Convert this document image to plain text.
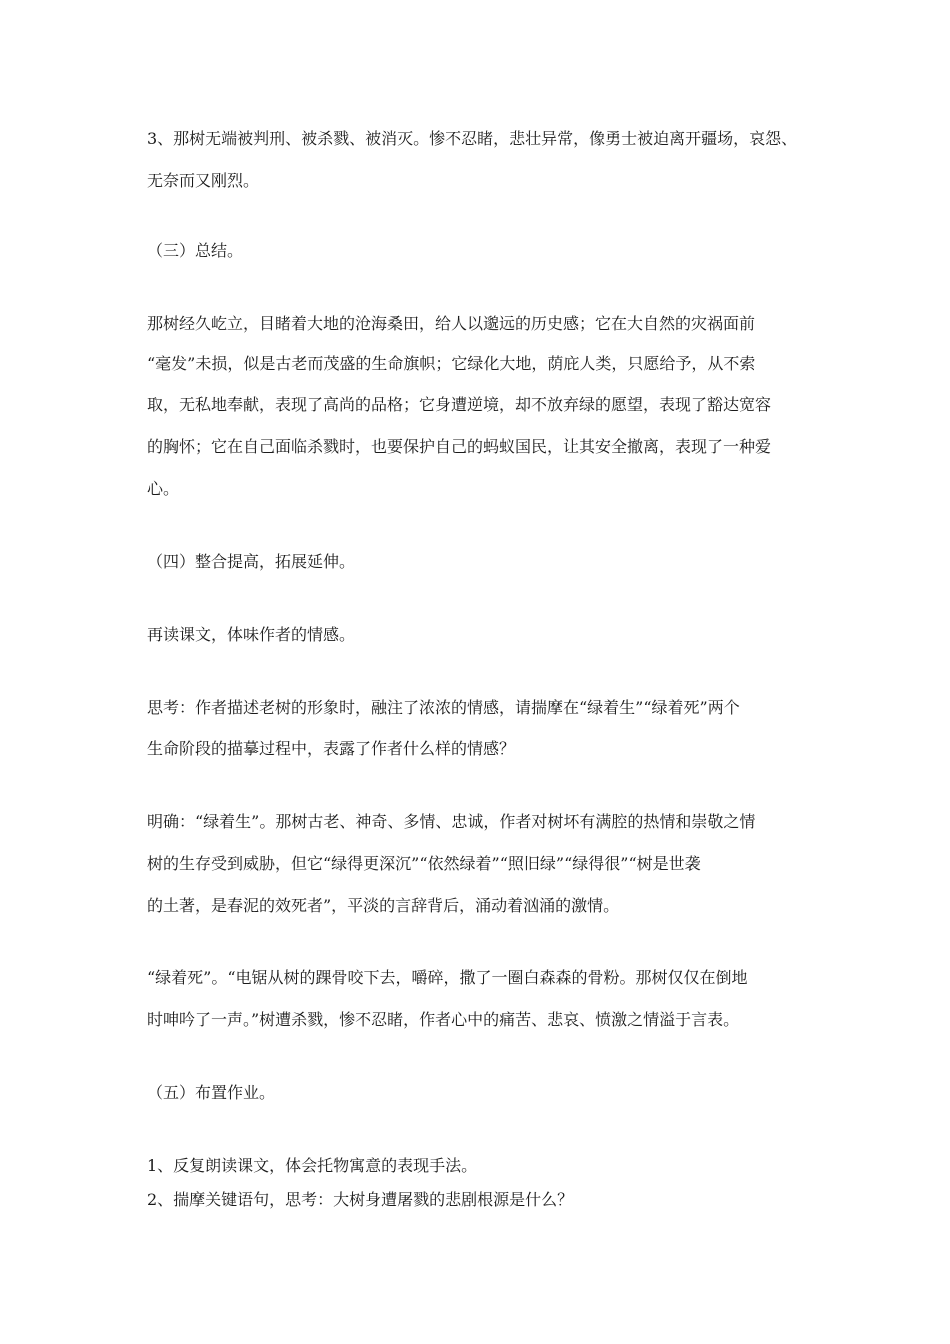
3、那树无端被判刑、被杀戮、被消灭。惨不忍睹，悲壮异常，像勇士被迫离开疆场，哀怨、
无奈而又刚烈。
（三）总结。
那树经久屹立，目睹着大地的沧海桑田，给人以邈远的历史感；它在大自然的灾祸面前
“毫发”未损，似是古老而茂盛的生命旗帜；它绿化大地，荫庇人类，只愿给予，从不索
取，无私地奉献，表现了高尚的品格；它身遭逆境，却不放弃绿的愿望，表现了豁达宽容
的胸怀；它在自己面临杀戮时，也要保护自己的蚂蚁国民，让其安全撤离，表现了一种爱
心。
（四）整合提高，拓展延伸。
再读课文，体味作者的情感。
思考：作者描述老树的形象时，融注了浓浓的情感，请揣摩在“绿着生”“绿着死”两个
生命阶段的描摹过程中，表露了作者什么样的情感？
明确：“绿着生”。那树古老、神奇、多情、忠诚，作者对树坏有满腔的热情和崇敬之情
树的生存受到威胁，但它“绿得更深沉”“依然绿着”“照旧绿”“绿得很”“树是世袭
的土著，是春泥的效死者”，平淡的言辞背后，涌动着汹涌的激情。
“绿着死”。“电锯从树的踝骨咬下去，嚼碎，撒了一圈白森森的骨粉。那树仅仅在倒地
时呻吟了一声。”树遭杀戮，惨不忍睹，作者心中的痛苦、悲哀、愤激之情溢于言表。
（五）布置作业。
1、反复朗读课文，体会托物寓意的表现手法。
2、揣摩关键语句，思考：大树身遭屠戮的悲剧根源是什么？
